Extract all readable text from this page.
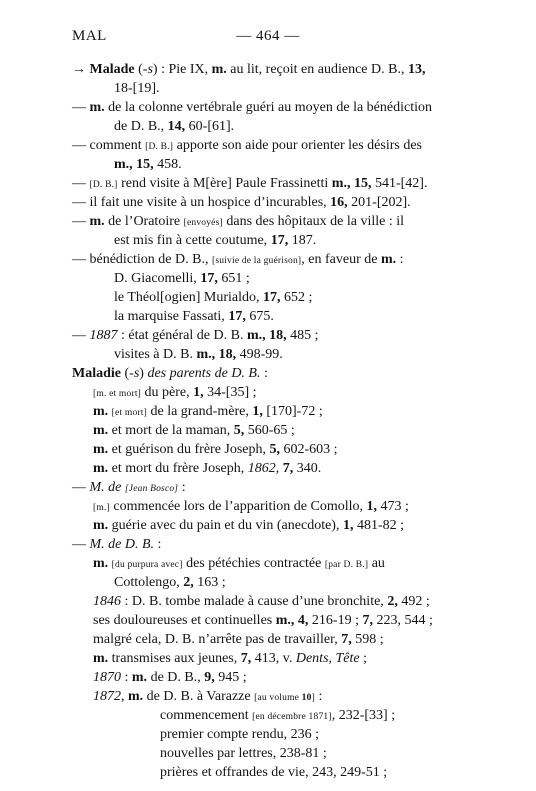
MAL	— 464 —
→ Malade (-s) : Pie IX, m. au lit, reçoit en audience D. B., 13,
18-[19].
— m. de la colonne vertébrale guéri au moyen de la bénédiction
de D. B., 14, 60-[61].
— comment [D. B.] apporte son aide pour orienter les désirs des
m., 15, 458.
— [D. B.] rend visite à M[ère] Paule Frassinetti m., 15, 541-[42].
— il fait une visite à un hospice d’incurables, 16, 201-[202].
— m. de l’Oratoire [envoyés] dans des hôpitaux de la ville : il
est mis fin à cette coutume, 17, 187.
— bénédiction de D. B., [suivie de la guérison], en faveur de m. :
D. Giacomelli, 17, 651 ;
le Théol[ogien] Murialdo, 17, 652 ;
la marquise Fassati, 17, 675.
— 1887 : état général de D. B. m., 18, 485 ;
visites à D. B. m., 18, 498-99.
Maladie (-s) des parents de D. B. :
[m. et mort] du père, 1, 34-[35] ;
m. [et mort] de la grand-mère, 1, [170]-72 ;
m. et mort de la maman, 5, 560-65 ;
m. et guérison du frère Joseph, 5, 602-603 ;
m. et mort du frère Joseph, 1862, 7, 340.
— M. de [Jean Bosco] :
[m.] commencée lors de l’apparition de Comollo, 1, 473 ;
m. guérie avec du pain et du vin (anecdote), 1, 481-82 ;
— M. de D. B. :
m. [du purpura avec] des pétéchies contractée [par D. B.] au
Cottolengo, 2, 163 ;
1846 : D. B. tombe malade à cause d’une bronchite, 2, 492 ;
ses douloureuses et continuelles m., 4, 216-19 ; 7, 223, 544 ;
malgré cela, D. B. n’arrête pas de travailler, 7, 598 ;
m. transmises aux jeunes, 7, 413, v. Dents, Tête ;
1870 : m. de D. B., 9, 945 ;
1872, m. de D. B. à Varazze [au volume 10] :
commencement [en décembre 1871], 232-[33] ;
premier compte rendu, 236 ;
nouvelles par lettres, 238-81 ;
prières et offrandes de vie, 243, 249-51 ;
